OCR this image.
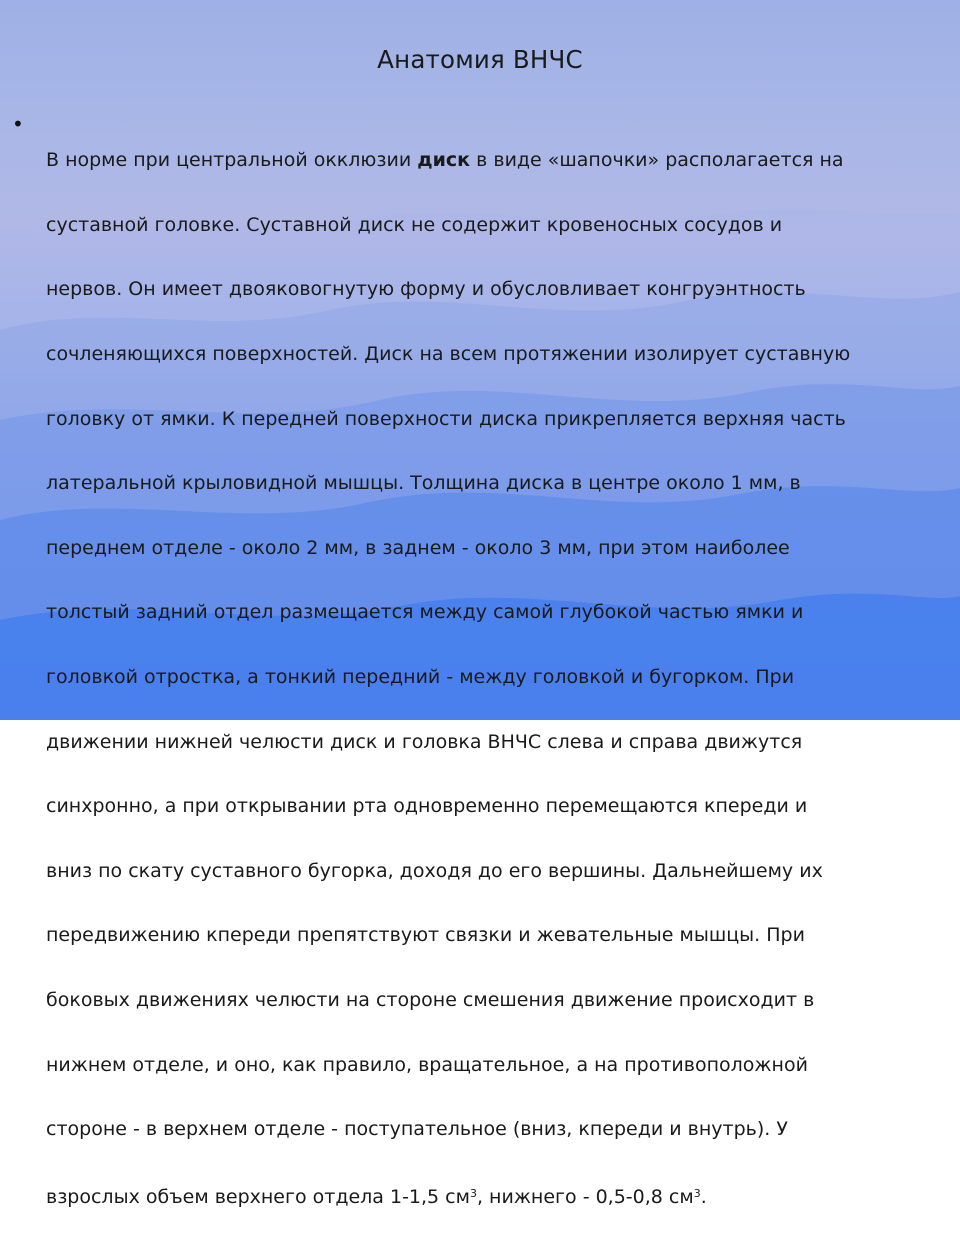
Анатомия ВНЧС
•

В норме при центральной окклюзии диск в виде «шапочки» располагается на

суставной головке. Суставной диск не содержит кровеносных сосудов и

нервов. Он имеет двояковогнутую форму и обусловливает конгруэнтность

сочленяющихся поверхностей. Диск на всем протяжении изолирует суставную

головку от ямки. К передней поверхности диска прикрепляется верхняя часть

латеральной крыловидной мышцы. Толщина диска в центре около 1 мм, в

переднем отделе - около 2 мм, в заднем - около 3 мм, при этом наиболее

толстый задний отдел размещается между самой глубокой частью ямки и

головкой отростка, а тонкий передний - между головкой и бугорком. При

движении нижней челюсти диск и головка ВНЧС слева и справа движутся

синхронно, а при открывании рта одновременно перемещаются кпереди и

вниз по скату суставного бугорка, доходя до его вершины. Дальнейшему их

передвижению кпереди препятствуют связки и жевательные мышцы. При

боковых движениях челюсти на стороне смешения движение происходит в

нижнем отделе, и оно, как правило, вращательное, а на противоположной

стороне - в верхнем отделе - поступательное (вниз, кпереди и внутрь). У

взрослых объем верхнего отдела 1-1,5 $см^3$, нижнего - 0,5-0,8 $см^3$.
